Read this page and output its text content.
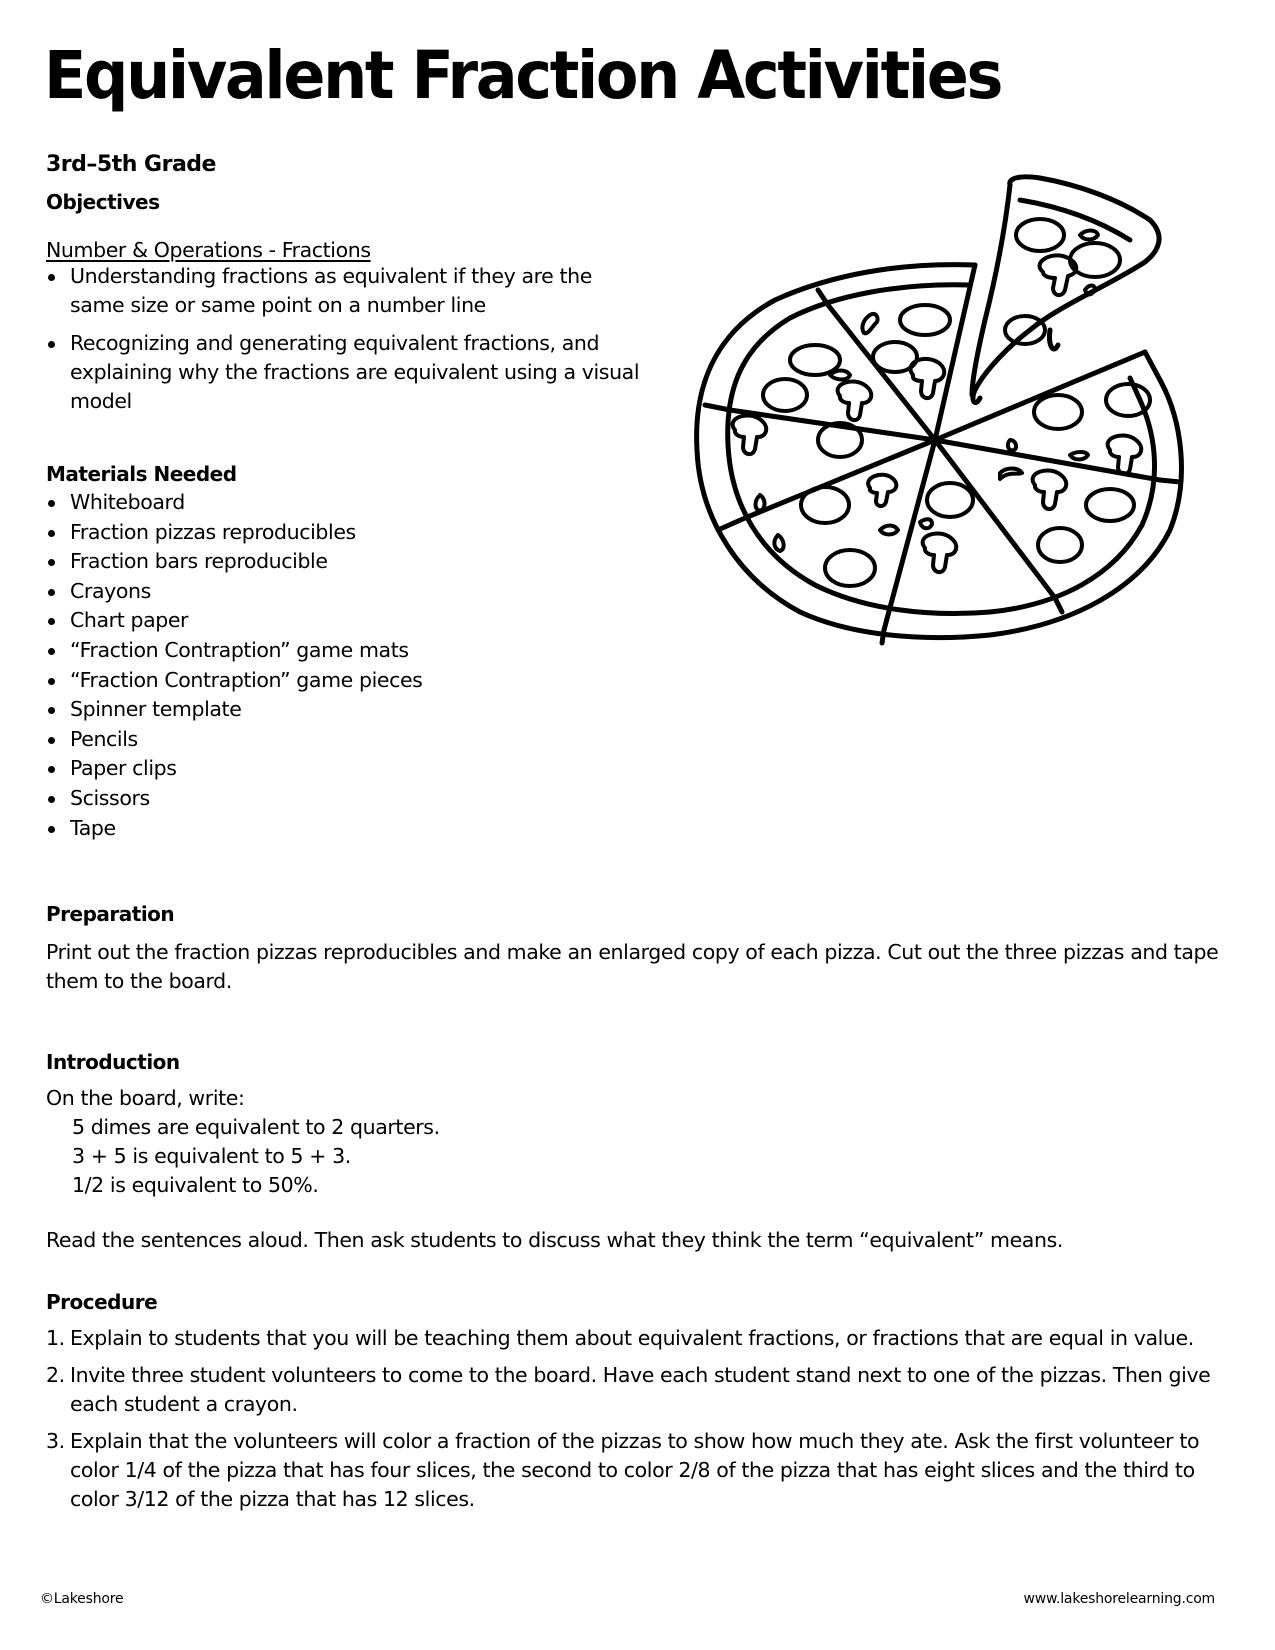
Equivalent Fraction Activities
3rd–5th Grade
Objectives
Number & Operations - Fractions
Understanding fractions as equivalent if they are the same size or same point on a number line
Recognizing and generating equivalent fractions, and explaining why the fractions are equivalent using a visual model
Materials Needed
Whiteboard
Fraction pizzas reproducibles
Fraction bars reproducible
Crayons
Chart paper
“Fraction Contraption” game mats
“Fraction Contraption” game pieces
Spinner template
Pencils
Paper clips
Scissors
Tape
Preparation
Print out the fraction pizzas reproducibles and make an enlarged copy of each pizza. Cut out the three pizzas and tape them to the board.
Introduction
On the board, write:
5 dimes are equivalent to 2 quarters.
3 + 5 is equivalent to 5 + 3.
1/2 is equivalent to 50%.
Read the sentences aloud. Then ask students to discuss what they think the term “equivalent” means.
Procedure
1. Explain to students that you will be teaching them about equivalent fractions, or fractions that are equal in value.
2. Invite three student volunteers to come to the board. Have each student stand next to one of the pizzas. Then give each student a crayon.
3. Explain that the volunteers will color a fraction of the pizzas to show how much they ate. Ask the first volunteer to color 1/4 of the pizza that has four slices, the second to color 2/8 of the pizza that has eight slices and the third to color 3/12 of the pizza that has 12 slices.
©Lakeshore	www.lakeshorelearning.com
